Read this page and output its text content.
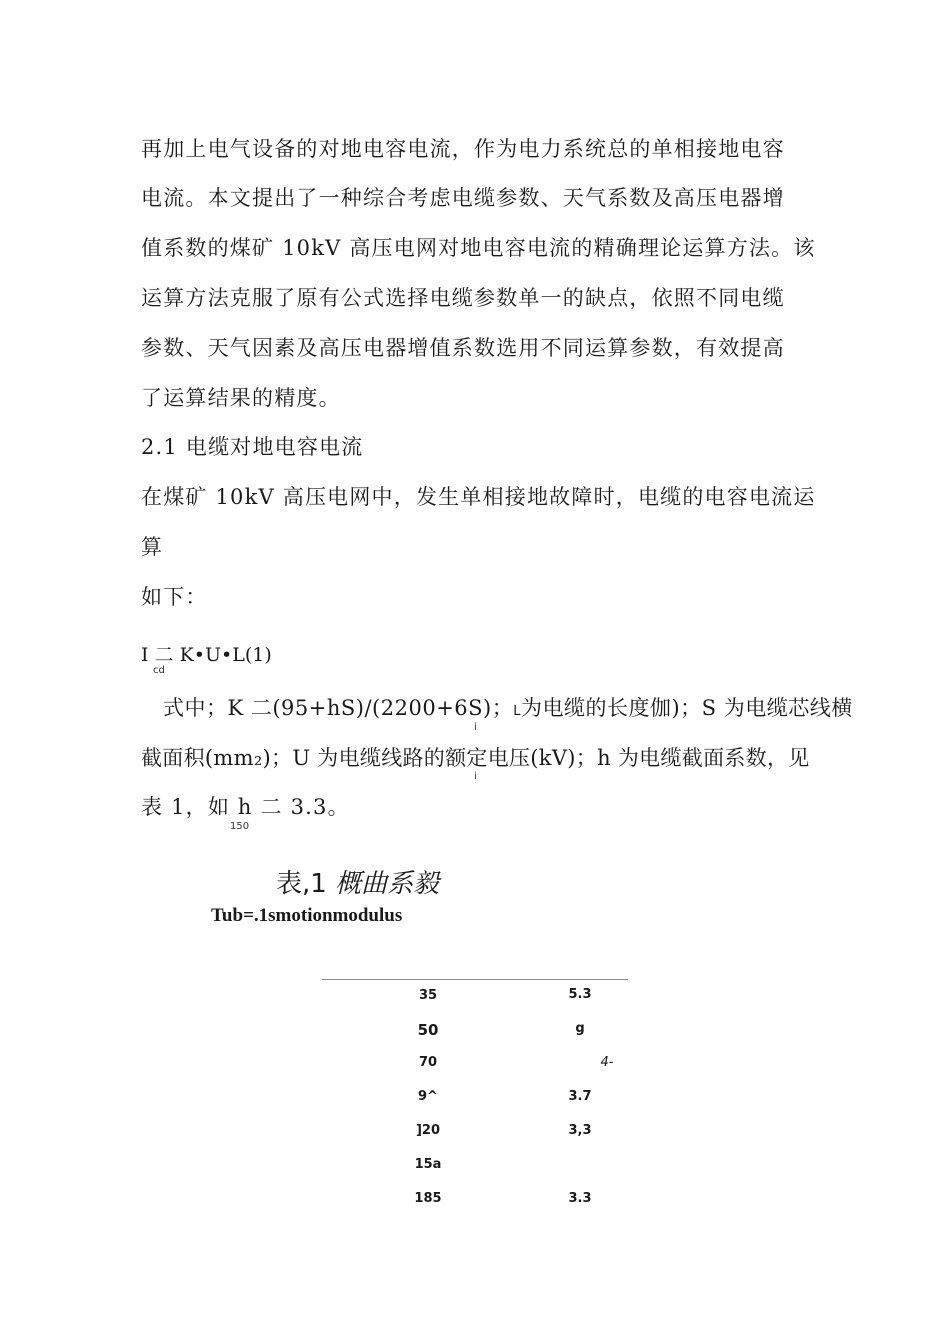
再加上电气设备的对地电容电流，作为电力系统总的单相接地电容
电流。本文提出了一种综合考虑电缆参数、天气系数及高压电器增
值系数的煤矿 10kV 高压电网对地电容电流的精确理论运算方法。该
运算方法克服了原有公式选择电缆参数单一的缺点，依照不同电缆
参数、天气因素及高压电器增值系数选用不同运算参数，有效提高
了运算结果的精度。
2.1 电缆对地电容电流
在煤矿 10kV 高压电网中，发生单相接地故障时，电缆的电容电流运
算
如下：
I 二 K•U•L(1)
cd
式中；K 二(95+hS)/(2200+6S)；L为电缆的长度伽)；S 为电缆芯线横
i
截面积(mm₂)；U 为电缆线路的额定电压(kV)；h 为电缆截面系数，见
i
表 1，如 h 二 3.3。
150
表,1 概曲系毅
Tub=.1smotionmodulus
35	5.3
50	g
70	4-
9^	3.7
]20	3,3
15a
185	3.3
